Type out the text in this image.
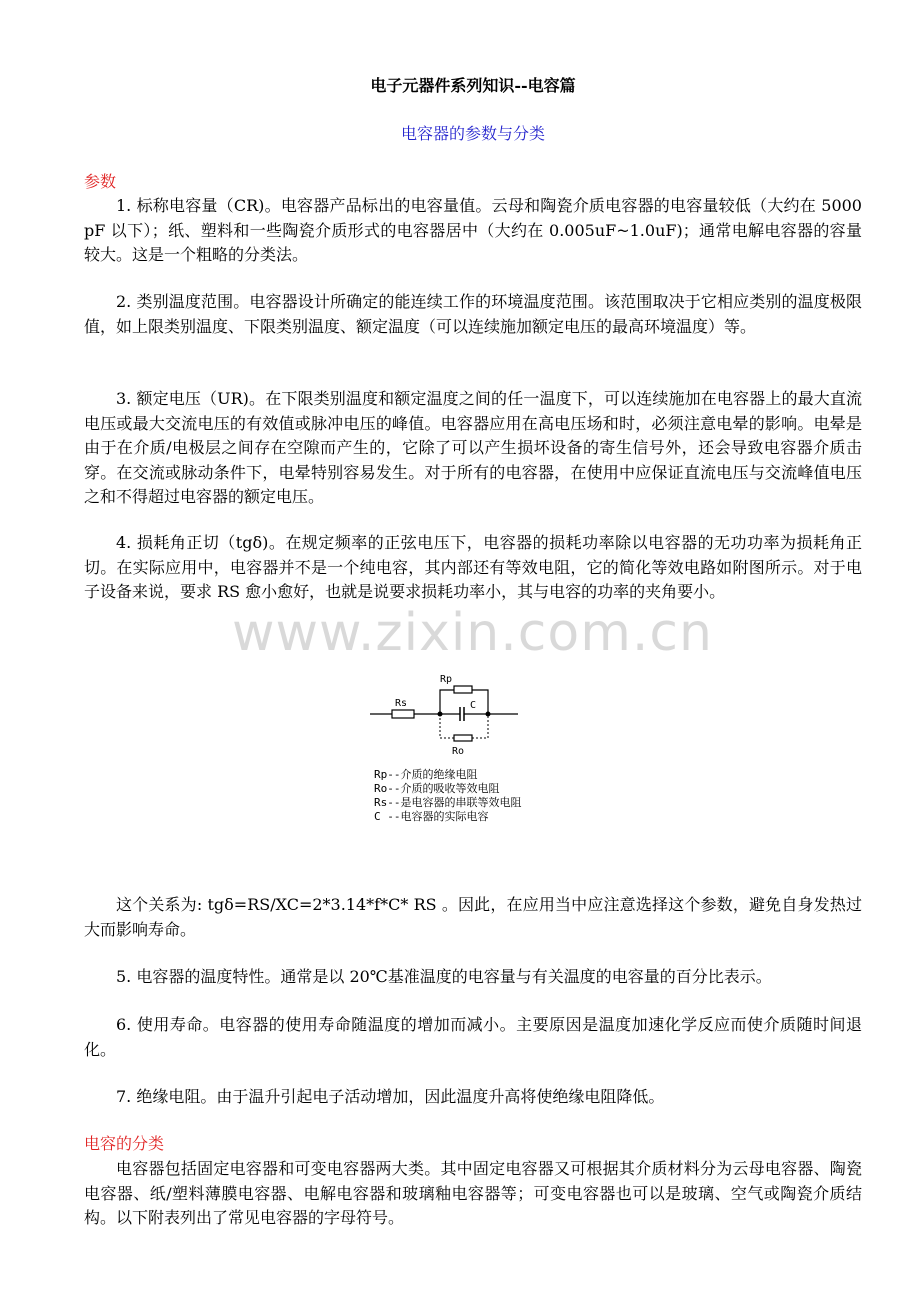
www.zixin.com.cn
电子元器件系列知识--电容篇
电容器的参数与分类
参数
1. 标称电容量（CR)。电容器产品标出的电容量值。云母和陶瓷介质电容器的电容量较低（大约在 5000pF 以下）；纸、塑料和一些陶瓷介质形式的电容器居中（大约在 0.005uF~1.0uF)；通常电解电容器的容量较大。这是一个粗略的分类法。
2. 类别温度范围。电容器设计所确定的能连续工作的环境温度范围。该范围取决于它相应类别的温度极限值，如上限类别温度、下限类别温度、额定温度（可以连续施加额定电压的最高环境温度）等。
3. 额定电压（UR)。在下限类别温度和额定温度之间的任一温度下，可以连续施加在电容器上的最大直流电压或最大交流电压的有效值或脉冲电压的峰值。电容器应用在高电压场和时，必须注意电晕的影响。电晕是由于在介质/电极层之间存在空隙而产生的，它除了可以产生损坏设备的寄生信号外，还会导致电容器介质击穿。在交流或脉动条件下，电晕特别容易发生。对于所有的电容器，在使用中应保证直流电压与交流峰值电压之和不得超过电容器的额定电压。
4. 损耗角正切（tgδ)。在规定频率的正弦电压下，电容器的损耗功率除以电容器的无功功率为损耗角正切。在实际应用中，电容器并不是一个纯电容，其内部还有等效电阻，它的简化等效电路如附图所示。对于电子设备来说，要求 RS 愈小愈好，也就是说要求损耗功率小，其与电容的功率的夹角要小。
这个关系为: tgδ=RS/XC=2*3.14*f*C* RS 。因此，在应用当中应注意选择这个参数，避免自身发热过大而影响寿命。
5. 电容器的温度特性。通常是以 20℃基准温度的电容量与有关温度的电容量的百分比表示。
6. 使用寿命。电容器的使用寿命随温度的增加而减小。主要原因是温度加速化学反应而使介质随时间退化。
7. 绝缘电阻。由于温升引起电子活动增加，因此温度升高将使绝缘电阻降低。
电容的分类
电容器包括固定电容器和可变电容器两大类。其中固定电容器又可根据其介质材料分为云母电容器、陶瓷电容器、纸/塑料薄膜电容器、电解电容器和玻璃釉电容器等；可变电容器也可以是玻璃、空气或陶瓷介质结构。以下附表列出了常见电容器的字母符号。
Rs
Rp
C
Ro
Rp--介质的绝缘电阻
Ro--介质的吸收等效电阻
Rs--是电容器的串联等效电阻
C --电容器的实际电容
